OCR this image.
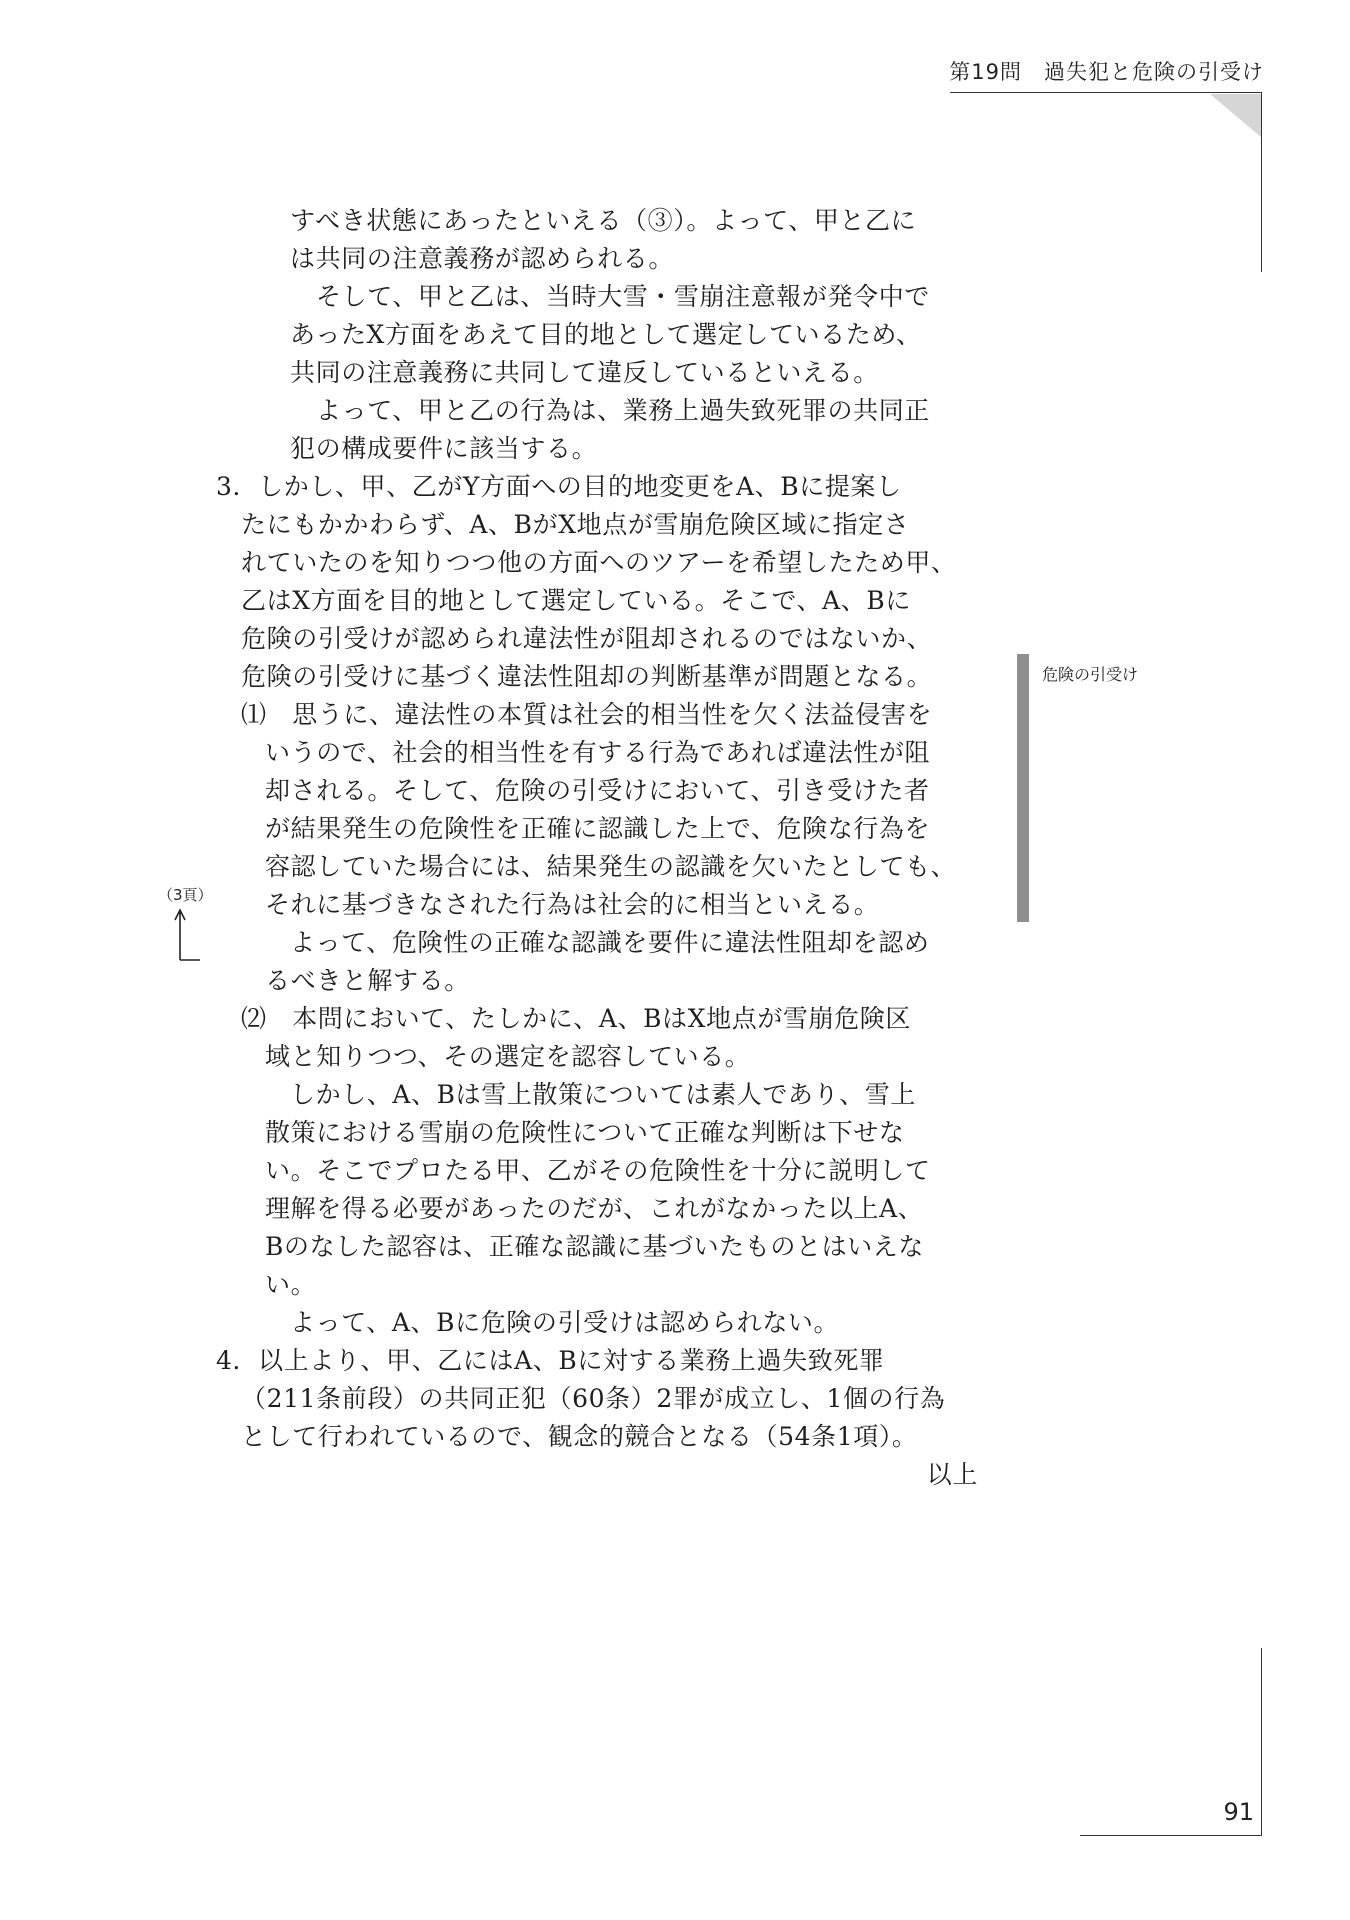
第19問　過失犯と危険の引受け
危険の引受け
（3頁）
すべき状態にあったといえる（③）。よって、甲と乙に
は共同の注意義務が認められる。
そして、甲と乙は、当時大雪・雪崩注意報が発令中で
あったX方面をあえて目的地として選定しているため、
共同の注意義務に共同して違反しているといえる。
よって、甲と乙の行為は、業務上過失致死罪の共同正
犯の構成要件に該当する。
3．しかし、甲、乙がY方面への目的地変更をA、Bに提案し
たにもかかわらず、A、BがX地点が雪崩危険区域に指定さ
れていたのを知りつつ他の方面へのツアーを希望したため甲、
乙はX方面を目的地として選定している。そこで、A、Bに
危険の引受けが認められ違法性が阻却されるのではないか、
危険の引受けに基づく違法性阻却の判断基準が問題となる。
⑴　思うに、違法性の本質は社会的相当性を欠く法益侵害を
いうので、社会的相当性を有する行為であれば違法性が阻
却される。そして、危険の引受けにおいて、引き受けた者
が結果発生の危険性を正確に認識した上で、危険な行為を
容認していた場合には、結果発生の認識を欠いたとしても、
それに基づきなされた行為は社会的に相当といえる。
よって、危険性の正確な認識を要件に違法性阻却を認め
るべきと解する。
⑵　本問において、たしかに、A、BはX地点が雪崩危険区
域と知りつつ、その選定を認容している。
しかし、A、Bは雪上散策については素人であり、雪上
散策における雪崩の危険性について正確な判断は下せな
い。そこでプロたる甲、乙がその危険性を十分に説明して
理解を得る必要があったのだが、これがなかった以上A、
Bのなした認容は、正確な認識に基づいたものとはいえな
い。
よって、A、Bに危険の引受けは認められない。
4．以上より、甲、乙にはA、Bに対する業務上過失致死罪
（211条前段）の共同正犯（60条）2罪が成立し、1個の行為
として行われているので、観念的競合となる（54条1項）。
以上
91
